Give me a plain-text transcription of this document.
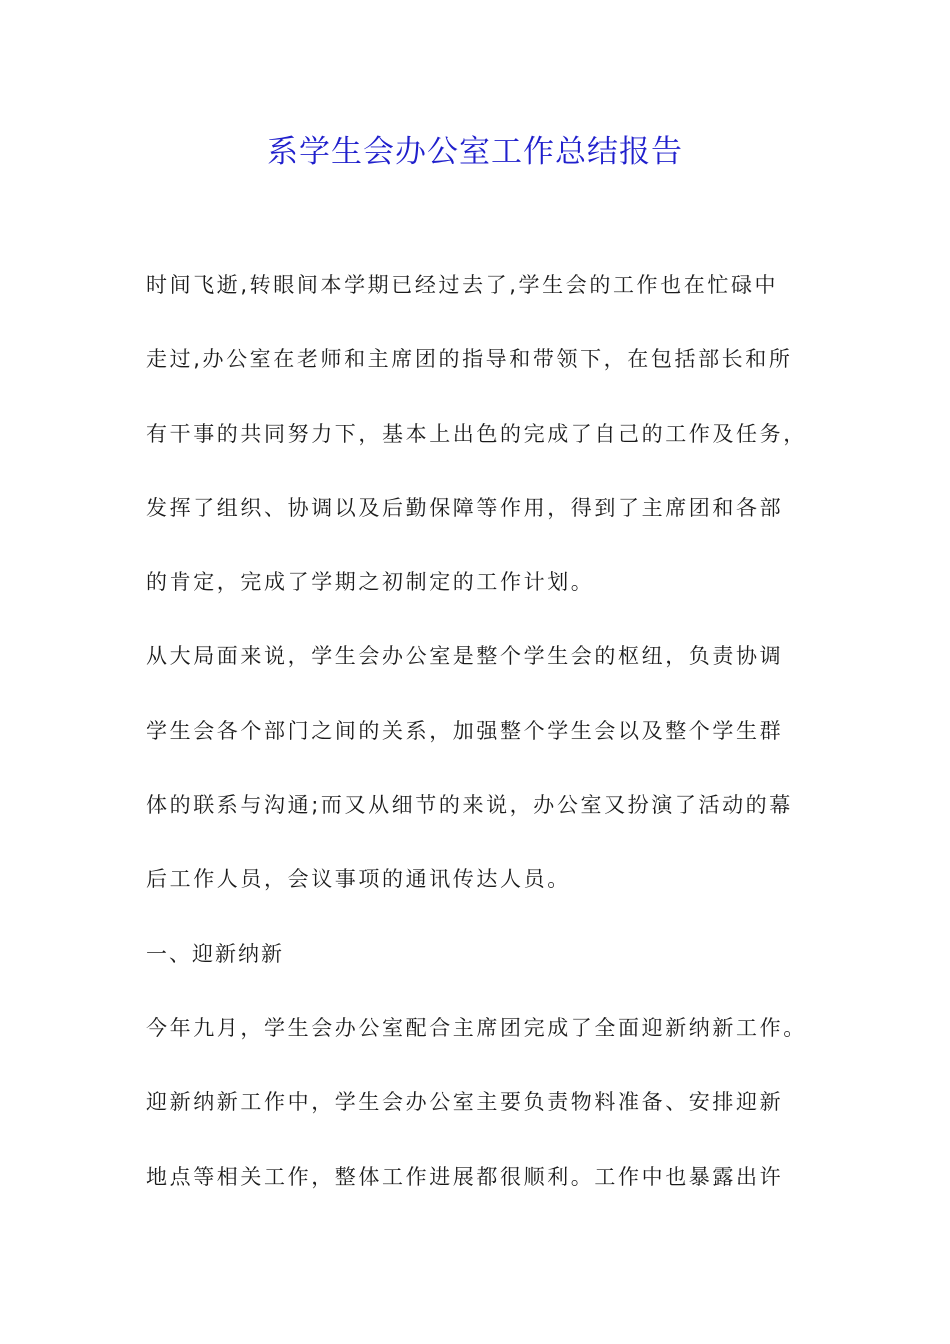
系学生会办公室工作总结报告
时间飞逝,转眼间本学期已经过去了,学生会的工作也在忙碌中
走过,办公室在老师和主席团的指导和带领下，在包括部长和所
有干事的共同努力下，基本上出色的完成了自己的工作及任务，
发挥了组织、协调以及后勤保障等作用，得到了主席团和各部
的肯定，完成了学期之初制定的工作计划。
从大局面来说，学生会办公室是整个学生会的枢纽，负责协调
学生会各个部门之间的关系，加强整个学生会以及整个学生群
体的联系与沟通;而又从细节的来说，办公室又扮演了活动的幕
后工作人员，会议事项的通讯传达人员。
一、迎新纳新
今年九月，学生会办公室配合主席团完成了全面迎新纳新工作。
迎新纳新工作中，学生会办公室主要负责物料准备、安排迎新
地点等相关工作，整体工作进展都很顺利。工作中也暴露出许
